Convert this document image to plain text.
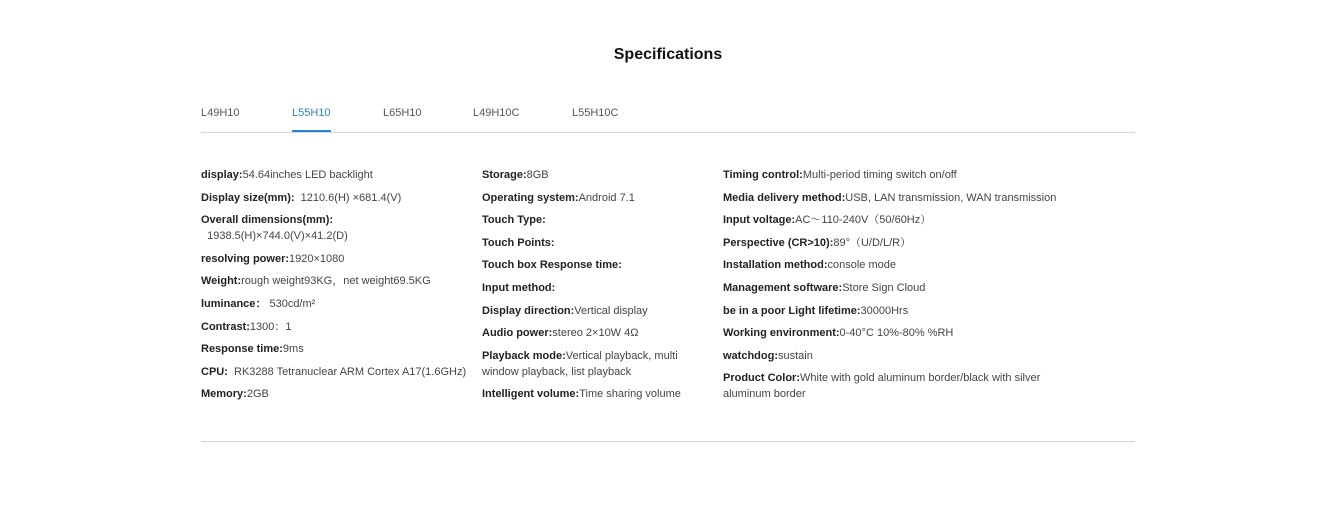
Specifications
L49H10	L55H10	L65H10	L49H10C	L55H10C

display:54.64inches LED backlight

Display size(mm):  1210.6(H) ×681.4(V)

Overall dimensions(mm):  1938.5(H)×744.0(V)×41.2(D)

resolving power:1920×1080

Weight:rough weight93KG，net weight69.5KG

luminance： 530cd/m²

Contrast:1300：1

Response time:9ms

CPU:  RK3288 Tetranuclear ARM Cortex A17(1.6GHz)

Memory:2GB

Storage:8GB

Operating system:Android 7.1

Touch Type:

Touch Points:

Touch box Response time:

Input method:

Display direction:Vertical display

Audio power:stereo 2×10W 4Ω

Playback mode:Vertical playback, multi window playback, list playback

Intelligent volume:Time sharing volume

Timing control:Multi-period timing switch on/off

Media delivery method:USB, LAN transmission, WAN transmission

Input voltage:AC～110-240V（50/60Hz）

Perspective (CR>10):89°（U/D/L/R）

Installation method:console mode

Management software:Store Sign Cloud

be in a poor Light lifetime:30000Hrs

Working environment:0-40°C 10%-80% %RH

watchdog:sustain

Product Color:White with gold aluminum border/black with silver aluminum border
